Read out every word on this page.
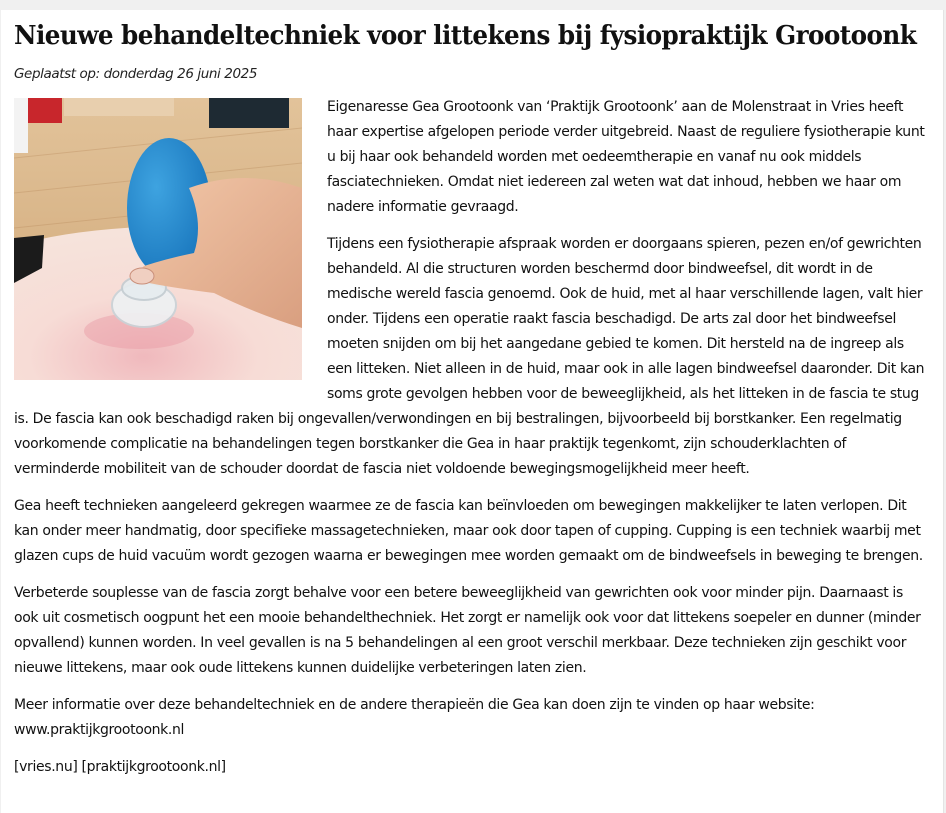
Nieuwe behandeltechniek voor littekens bij fysiopraktijk Grootoonk
Geplaatst op: donderdag 26 juni 2025

Eigenaresse Gea Grootoonk van ‘Praktijk Grootoonk’ aan de Molenstraat in Vries heeft haar expertise afgelopen periode verder uitgebreid. Naast de reguliere fysiotherapie kunt u bij haar ook behandeld worden met oedeemtherapie en vanaf nu ook middels fasciatechnieken. Omdat niet iedereen zal weten wat dat inhoud, hebben we haar om nadere informatie gevraagd.

Tijdens een fysiotherapie afspraak worden er doorgaans spieren, pezen en/of gewrichten behandeld. Al die structuren worden beschermd door bindweefsel, dit wordt in de medische wereld fascia genoemd. Ook de huid, met al haar verschillende lagen, valt hier onder. Tijdens een operatie raakt fascia beschadigd. De arts zal door het bindweefsel moeten snijden om bij het aangedane gebied te komen. Dit hersteld na de ingreep als een litteken. Niet alleen in de huid, maar ook in alle lagen bindweefsel daaronder. Dit kan soms grote gevolgen hebben voor de beweeglijkheid, als het litteken in de fascia te stug is. De fascia kan ook beschadigd raken bij ongevallen/verwondingen en bij bestralingen, bijvoorbeeld bij borstkanker. Een regelmatig voorkomende complicatie na behandelingen tegen borstkanker die Gea in haar praktijk tegenkomt, zijn schouderklachten of verminderde mobiliteit van de schouder doordat de fascia niet voldoende bewegingsmogelijkheid meer heeft.

Gea heeft technieken aangeleerd gekregen waarmee ze de fascia kan beïnvloeden om bewegingen makkelijker te laten verlopen. Dit kan onder meer handmatig, door specifieke massagetechnieken, maar ook door tapen of cupping. Cupping is een techniek waarbij met glazen cups de huid vacuüm wordt gezogen waarna er bewegingen mee worden gemaakt om de bindweefsels in beweging te brengen.

Verbeterde souplesse van de fascia zorgt behalve voor een betere beweeglijkheid van gewrichten ook voor minder pijn. Daarnaast is ook uit cosmetisch oogpunt het een mooie behandelthechniek. Het zorgt er namelijk ook voor dat littekens soepeler en dunner (minder opvallend) kunnen worden. In veel gevallen is na 5 behandelingen al een groot verschil merkbaar. Deze technieken zijn geschikt voor nieuwe littekens, maar ook oude littekens kunnen duidelijke verbeteringen laten zien.

Meer informatie over deze behandeltechniek en de andere therapieën die Gea kan doen zijn te vinden op haar website:
www.praktijkgrootoonk.nl

[vries.nu] [praktijkgrootoonk.nl]
